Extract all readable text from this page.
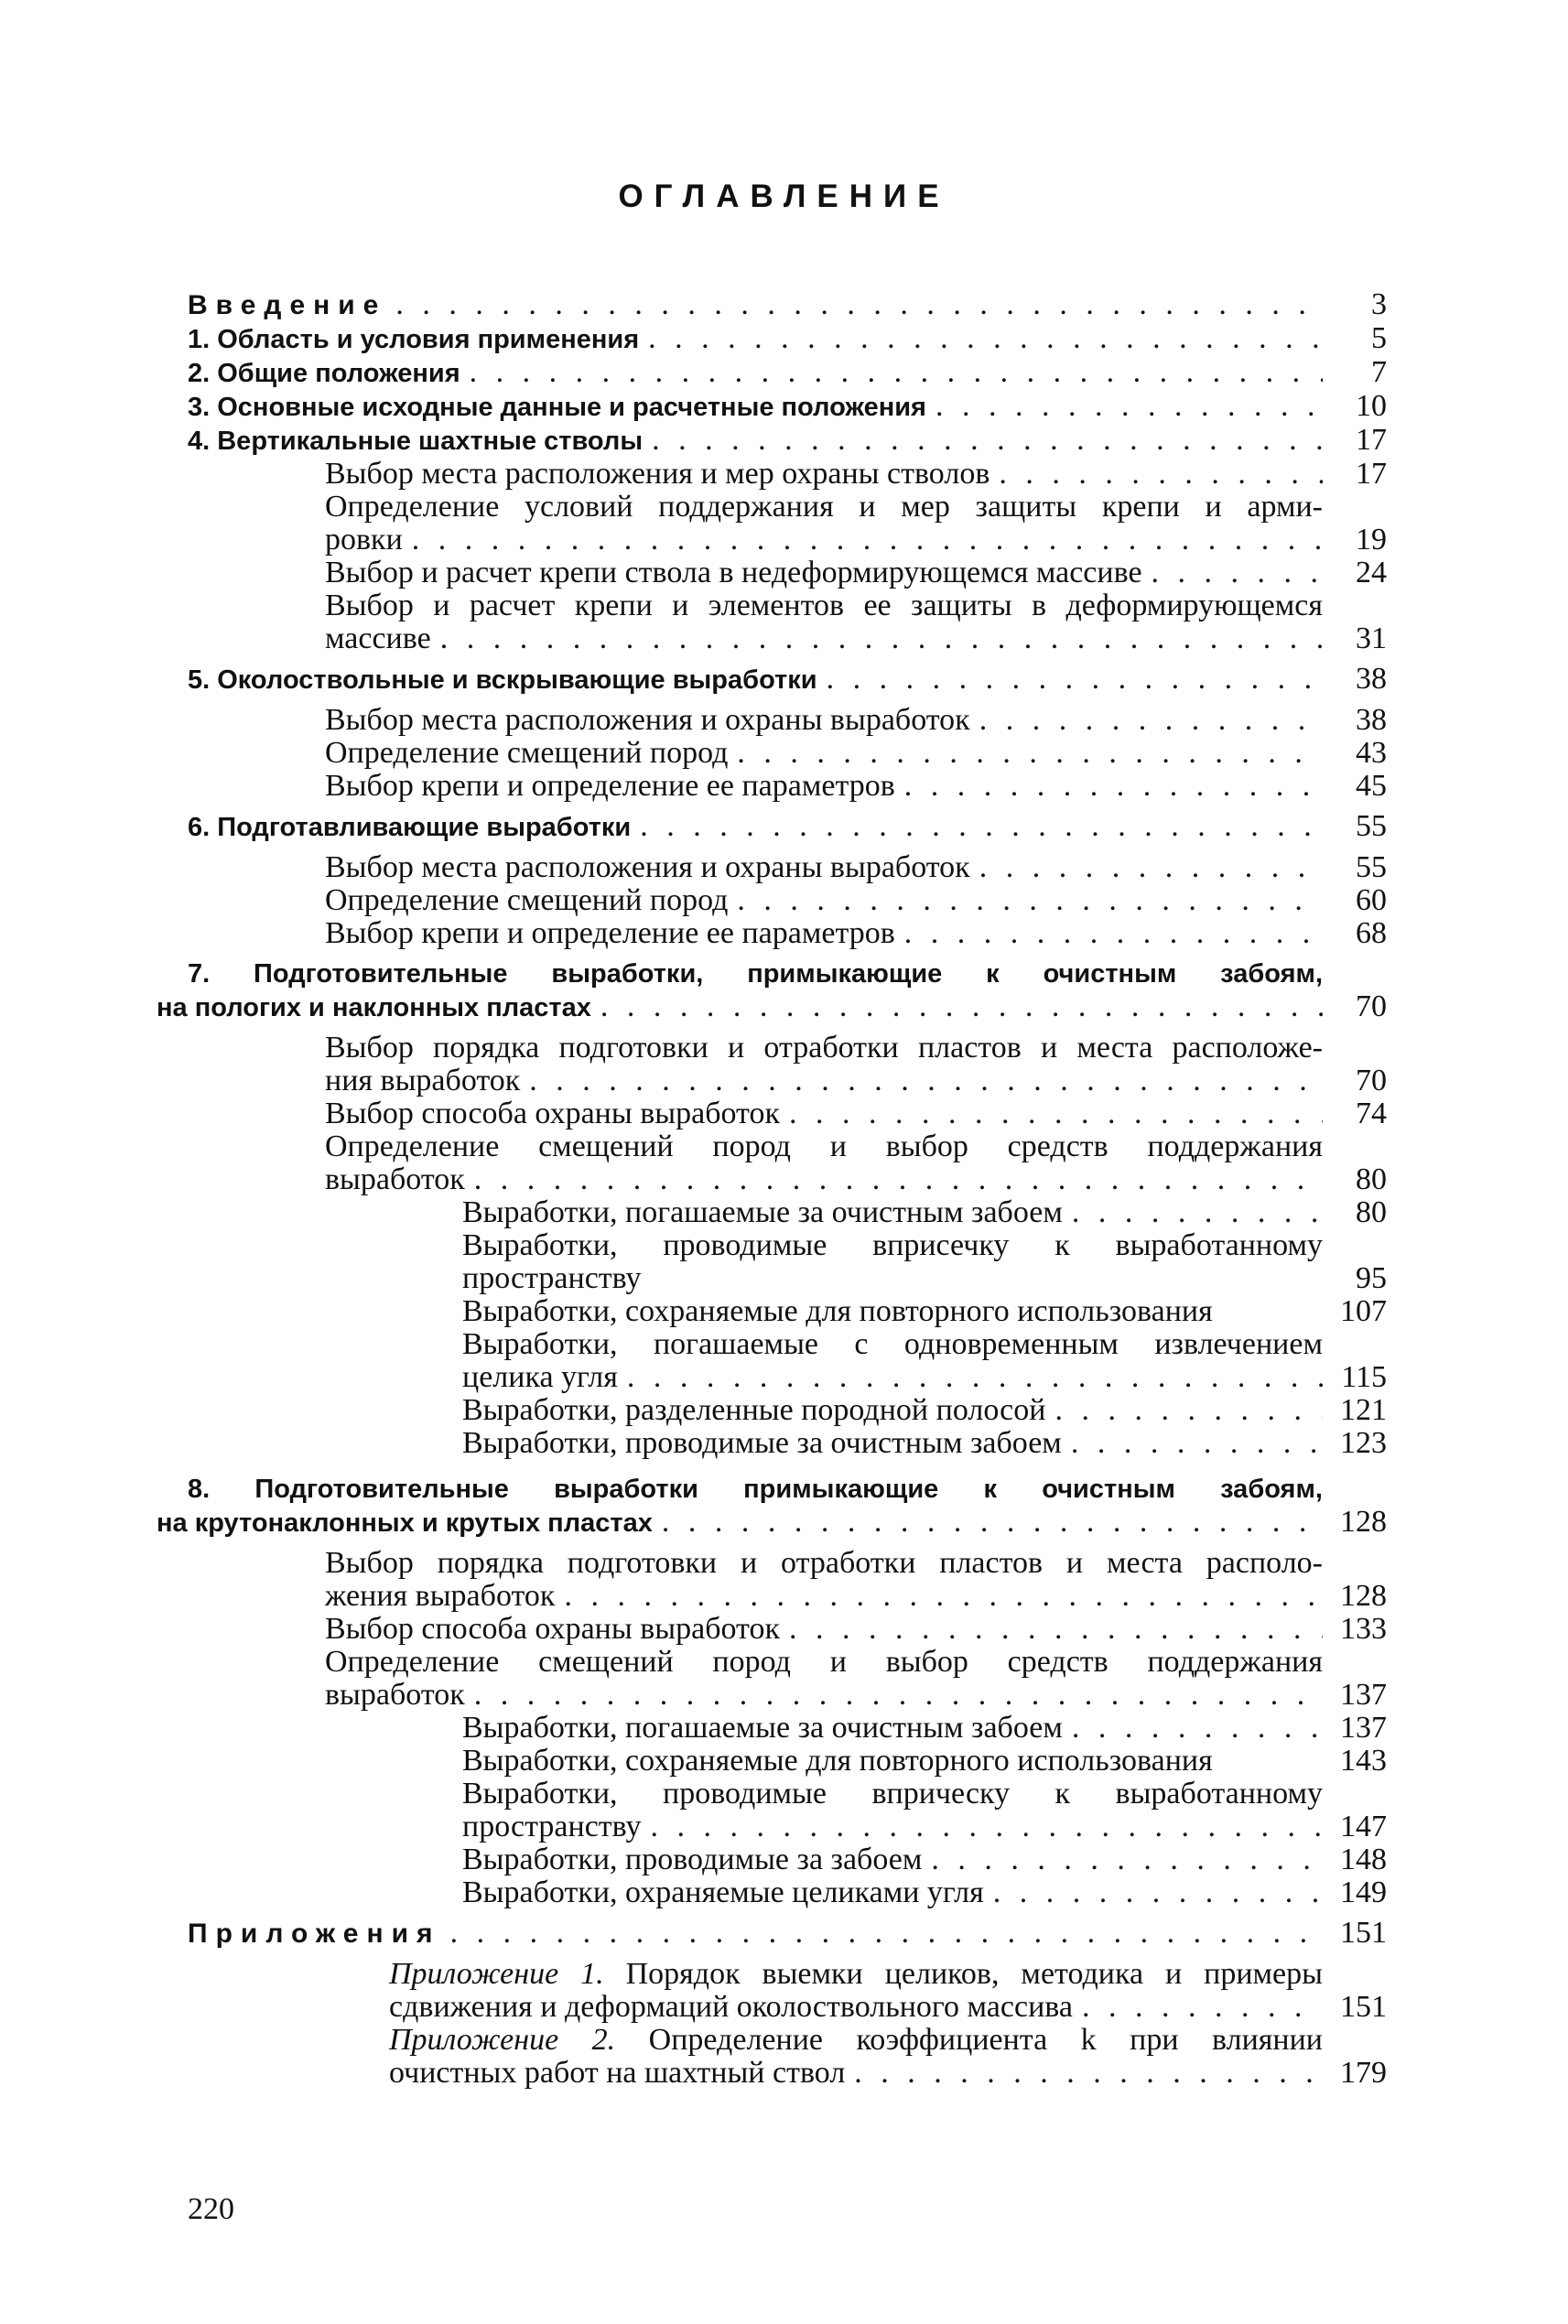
ОГЛАВЛЕНИЕ
Введение . . .	3
1. Область и условия применения . . .	5
2. Общие положения . . .	7
3. Основные исходные данные и расчетные положения . . .	10
4. Вертикальные шахтные стволы . . .	17
Выбор места расположения и мер охраны стволов . . .	17
Определение условий поддержания и мер защиты крепи и арми-
ровки . . .	19
Выбор и расчет крепи ствола в недеформирующемся массиве . . .	24
Выбор и расчет крепи и элементов ее защиты в деформирующемся
массиве . . .	31
5. Околоствольные и вскрывающие выработки . . .	38
Выбор места расположения и охраны выработок . . .	38
Определение смещений пород . . .	43
Выбор крепи и определение ее параметров . . .	45
6. Подготавливающие выработки . . .	55
Выбор места расположения и охраны выработок . . .	55
Определение смещений пород . . .	60
Выбор крепи и определение ее параметров . . .	68
7. Подготовительные выработки, примыкающие к очистным забоям,
на пологих и наклонных пластах . . .	70
Выбор порядка подготовки и отработки пластов и места расположе-
ния выработок . . .	70
Выбор способа охраны выработок . . .	74
Определение смещений пород и выбор средств поддержания
выработок . . .	80
Выработки, погашаемые за очистным забоем . . .	80
Выработки, проводимые вприсечку к выработанному
пространству	95
Выработки, сохраняемые для повторного использования	107
Выработки, погашаемые с одновременным извлечением
целика угля . . .	115
Выработки, разделенные породной полосой . . .	121
Выработки, проводимые за очистным забоем . . .	123
8. Подготовительные выработки примыкающие к очистным забоям,
на крутонаклонных и крутых пластах . . .	128
Выбор порядка подготовки и отработки пластов и места располо-
жения выработок . . .	128
Выбор способа охраны выработок . . .	133
Определение смещений пород и выбор средств поддержания
выработок . . .	137
Выработки, погашаемые за очистным забоем . . .	137
Выработки, сохраняемые для повторного использования	143
Выработки, проводимые вприческу к выработанному
пространству . . .	147
Выработки, проводимые за забоем . . .	148
Выработки, охраняемые целиками угля . . .	149
Приложения . . .	151
Приложение 1. Порядок выемки целиков, методика и примеры
сдвижения и деформаций околоствольного массива . . .	151
Приложение 2. Определение коэффициента k при влиянии
очистных работ на шахтный ствол . . .	179
220
